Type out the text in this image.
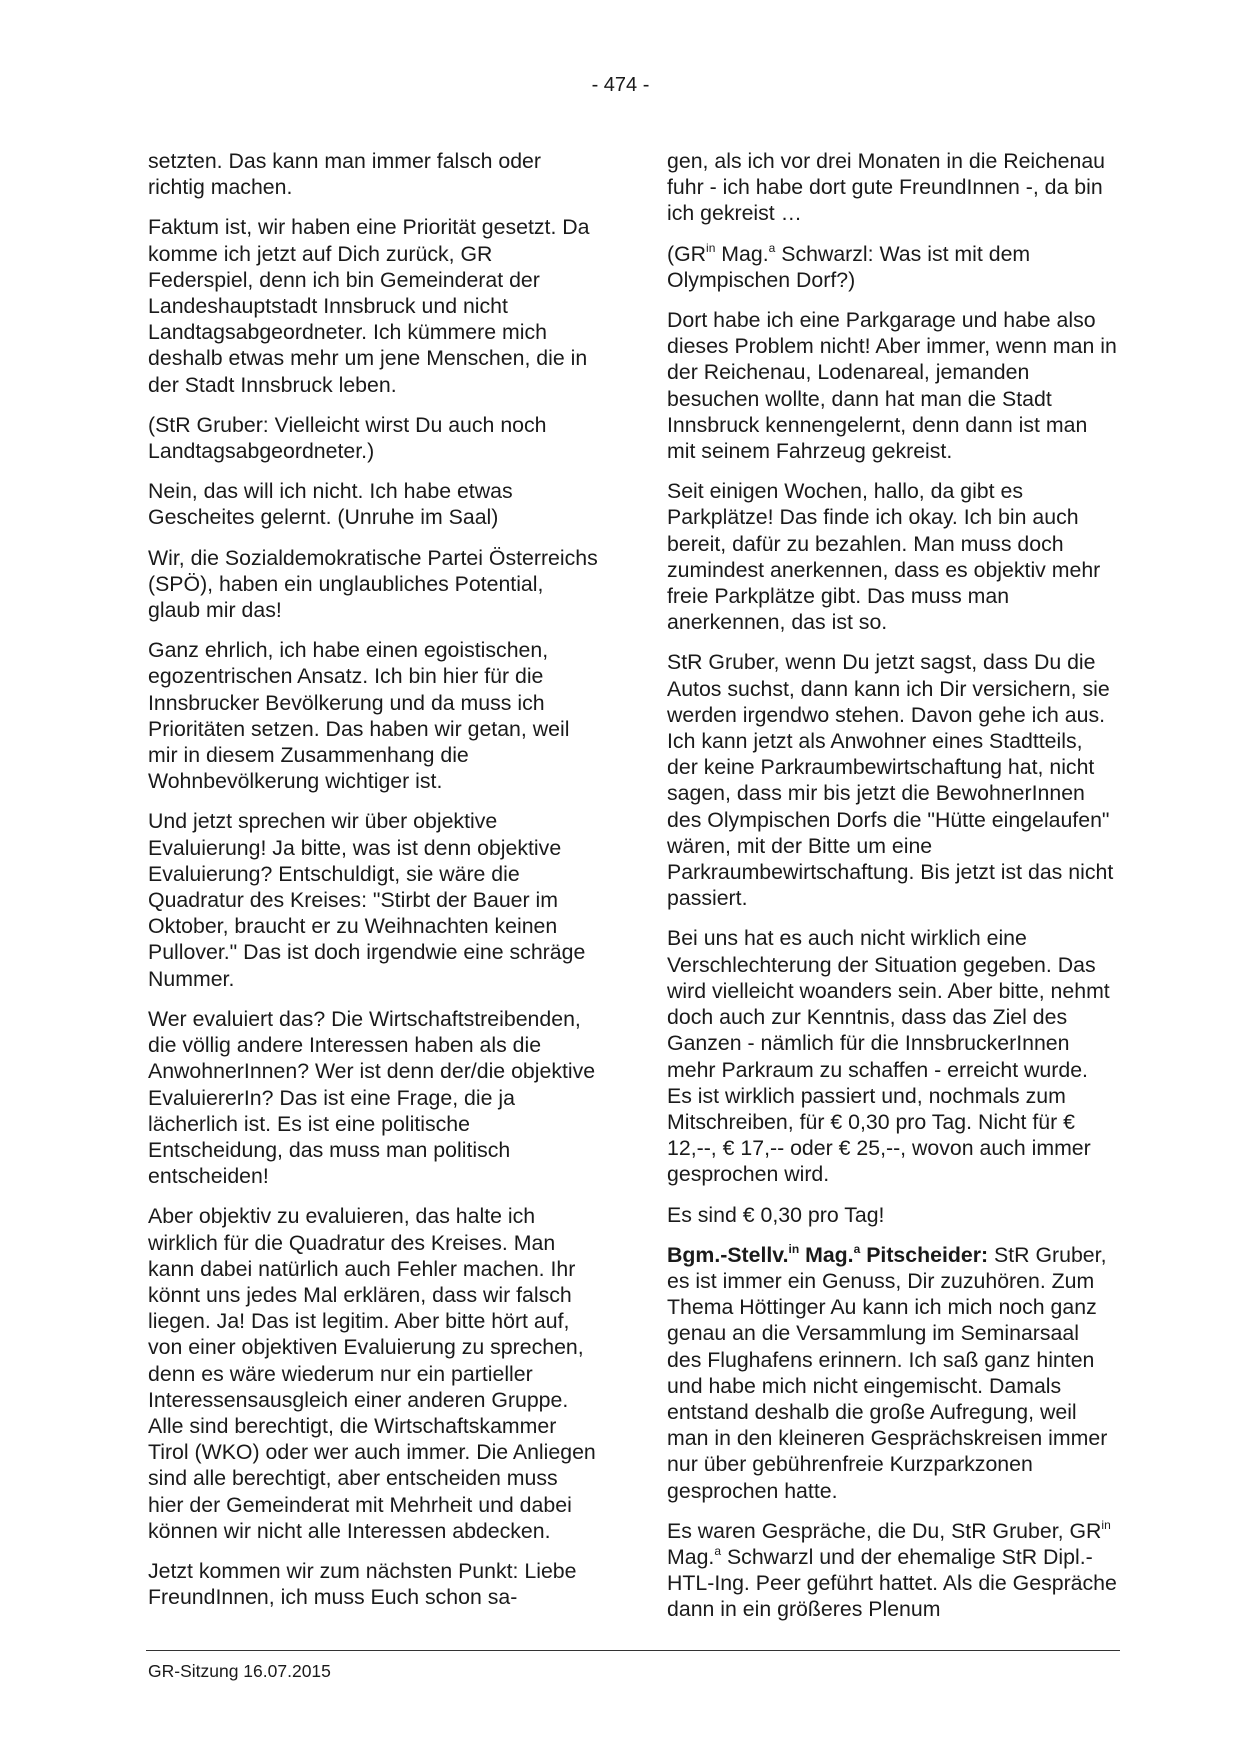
- 474 -

setzten. Das kann man immer falsch oder richtig machen.

Faktum ist, wir haben eine Priorität gesetzt. Da komme ich jetzt auf Dich zurück, GR Federspiel, denn ich bin Gemeinderat der Landeshauptstadt Innsbruck und nicht Landtagsabgeordneter. Ich kümmere mich deshalb etwas mehr um jene Menschen, die in der Stadt Innsbruck leben.

(StR Gruber: Vielleicht wirst Du auch noch Landtagsabgeordneter.)

Nein, das will ich nicht. Ich habe etwas Gescheites gelernt. (Unruhe im Saal)

Wir, die Sozialdemokratische Partei Österreichs (SPÖ), haben ein unglaubliches Potential, glaub mir das!

Ganz ehrlich, ich habe einen egoistischen, egozentrischen Ansatz. Ich bin hier für die Innsbrucker Bevölkerung und da muss ich Prioritäten setzen. Das haben wir getan, weil mir in diesem Zusammenhang die Wohnbevölkerung wichtiger ist.

Und jetzt sprechen wir über objektive Evaluierung! Ja bitte, was ist denn objektive Evaluierung? Entschuldigt, sie wäre die Quadratur des Kreises: "Stirbt der Bauer im Oktober, braucht er zu Weihnachten keinen Pullover." Das ist doch irgendwie eine schräge Nummer.

Wer evaluiert das? Die Wirtschaftstreibenden, die völlig andere Interessen haben als die AnwohnerInnen? Wer ist denn der/die objektive EvaluiererIn? Das ist eine Frage, die ja lächerlich ist. Es ist eine politische Entscheidung, das muss man politisch entscheiden!

Aber objektiv zu evaluieren, das halte ich wirklich für die Quadratur des Kreises. Man kann dabei natürlich auch Fehler machen. Ihr könnt uns jedes Mal erklären, dass wir falsch liegen. Ja! Das ist legitim. Aber bitte hört auf, von einer objektiven Evaluierung zu sprechen, denn es wäre wiederum nur ein partieller Interessensausgleich einer anderen Gruppe. Alle sind berechtigt, die Wirtschaftskammer Tirol (WKO) oder wer auch immer. Die Anliegen sind alle berechtigt, aber entscheiden muss hier der Gemeinderat mit Mehrheit und dabei können wir nicht alle Interessen abdecken.

Jetzt kommen wir zum nächsten Punkt: Liebe FreundInnen, ich muss Euch schon sa-

gen, als ich vor drei Monaten in die Reichenau fuhr - ich habe dort gute FreundInnen -, da bin ich gekreist …

($GR^{in}$ Mag.$^a$ Schwarzl: Was ist mit dem Olympischen Dorf?)

Dort habe ich eine Parkgarage und habe also dieses Problem nicht! Aber immer, wenn man in der Reichenau, Lodenareal, jemanden besuchen wollte, dann hat man die Stadt Innsbruck kennengelernt, denn dann ist man mit seinem Fahrzeug gekreist.

Seit einigen Wochen, hallo, da gibt es Parkplätze! Das finde ich okay. Ich bin auch bereit, dafür zu bezahlen. Man muss doch zumindest anerkennen, dass es objektiv mehr freie Parkplätze gibt. Das muss man anerkennen, das ist so.

StR Gruber, wenn Du jetzt sagst, dass Du die Autos suchst, dann kann ich Dir versichern, sie werden irgendwo stehen. Davon gehe ich aus. Ich kann jetzt als Anwohner eines Stadtteils, der keine Parkraumbewirtschaftung hat, nicht sagen, dass mir bis jetzt die BewohnerInnen des Olympischen Dorfs die "Hütte eingelaufen" wären, mit der Bitte um eine Parkraumbewirtschaftung. Bis jetzt ist das nicht passiert.

Bei uns hat es auch nicht wirklich eine Verschlechterung der Situation gegeben. Das wird vielleicht woanders sein. Aber bitte, nehmt doch auch zur Kenntnis, dass das Ziel des Ganzen - nämlich für die InnsbruckerInnen mehr Parkraum zu schaffen - erreicht wurde. Es ist wirklich passiert und, nochmals zum Mitschreiben, für € 0,30 pro Tag. Nicht für € 12,--, € 17,-- oder € 25,--, wovon auch immer gesprochen wird.

Es sind € 0,30 pro Tag!

Bgm.-Stellv.$^{in}$ Mag.$^a$ Pitscheider: StR Gruber, es ist immer ein Genuss, Dir zuzuhören. Zum Thema Höttinger Au kann ich mich noch ganz genau an die Versammlung im Seminarsaal des Flughafens erinnern. Ich saß ganz hinten und habe mich nicht eingemischt. Damals entstand deshalb die große Aufregung, weil man in den kleineren Gesprächskreisen immer nur über gebührenfreie Kurzparkzonen gesprochen hatte.

Es waren Gespräche, die Du, StR Gruber, $GR^{in}$ Mag.$^a$ Schwarzl und der ehemalige StR Dipl.-HTL-Ing. Peer geführt hattet. Als die Gespräche dann in ein größeres Plenum

GR-Sitzung 16.07.2015
